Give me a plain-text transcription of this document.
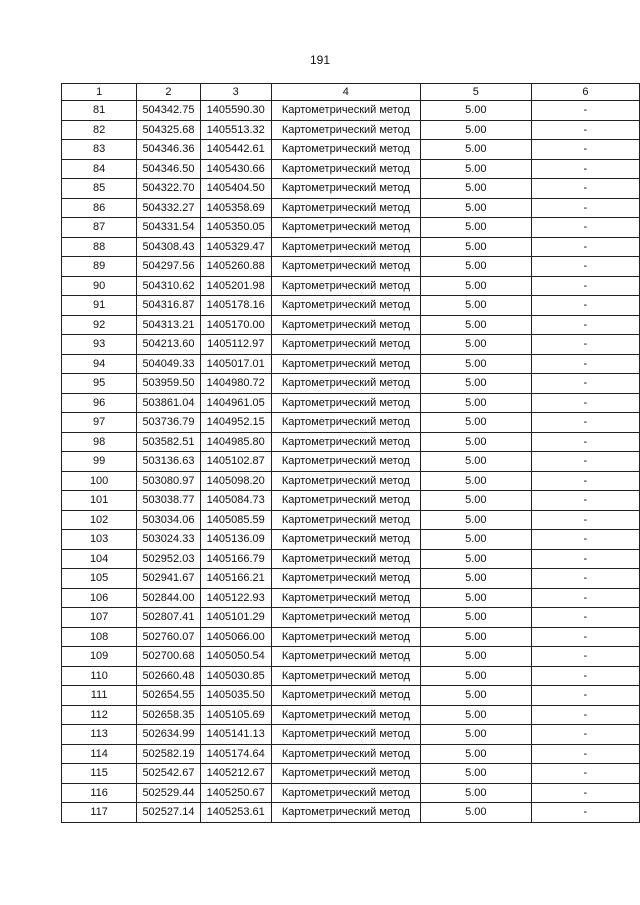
191
1	2	3	4	5	6
81	504342.75	1405590.30	Картометрический метод	5.00	-
82	504325.68	1405513.32	Картометрический метод	5.00	-
83	504346.36	1405442.61	Картометрический метод	5.00	-
84	504346.50	1405430.66	Картометрический метод	5.00	-
85	504322.70	1405404.50	Картометрический метод	5.00	-
86	504332.27	1405358.69	Картометрический метод	5.00	-
87	504331.54	1405350.05	Картометрический метод	5.00	-
88	504308.43	1405329.47	Картометрический метод	5.00	-
89	504297.56	1405260.88	Картометрический метод	5.00	-
90	504310.62	1405201.98	Картометрический метод	5.00	-
91	504316.87	1405178.16	Картометрический метод	5.00	-
92	504313.21	1405170.00	Картометрический метод	5.00	-
93	504213.60	1405112.97	Картометрический метод	5.00	-
94	504049.33	1405017.01	Картометрический метод	5.00	-
95	503959.50	1404980.72	Картометрический метод	5.00	-
96	503861.04	1404961.05	Картометрический метод	5.00	-
97	503736.79	1404952.15	Картометрический метод	5.00	-
98	503582.51	1404985.80	Картометрический метод	5.00	-
99	503136.63	1405102.87	Картометрический метод	5.00	-
100	503080.97	1405098.20	Картометрический метод	5.00	-
101	503038.77	1405084.73	Картометрический метод	5.00	-
102	503034.06	1405085.59	Картометрический метод	5.00	-
103	503024.33	1405136.09	Картометрический метод	5.00	-
104	502952.03	1405166.79	Картометрический метод	5.00	-
105	502941.67	1405166.21	Картометрический метод	5.00	-
106	502844.00	1405122.93	Картометрический метод	5.00	-
107	502807.41	1405101.29	Картометрический метод	5.00	-
108	502760.07	1405066.00	Картометрический метод	5.00	-
109	502700.68	1405050.54	Картометрический метод	5.00	-
110	502660.48	1405030.85	Картометрический метод	5.00	-
111	502654.55	1405035.50	Картометрический метод	5.00	-
112	502658.35	1405105.69	Картометрический метод	5.00	-
113	502634.99	1405141.13	Картометрический метод	5.00	-
114	502582.19	1405174.64	Картометрический метод	5.00	-
115	502542.67	1405212.67	Картометрический метод	5.00	-
116	502529.44	1405250.67	Картометрический метод	5.00	-
117	502527.14	1405253.61	Картометрический метод	5.00	-
